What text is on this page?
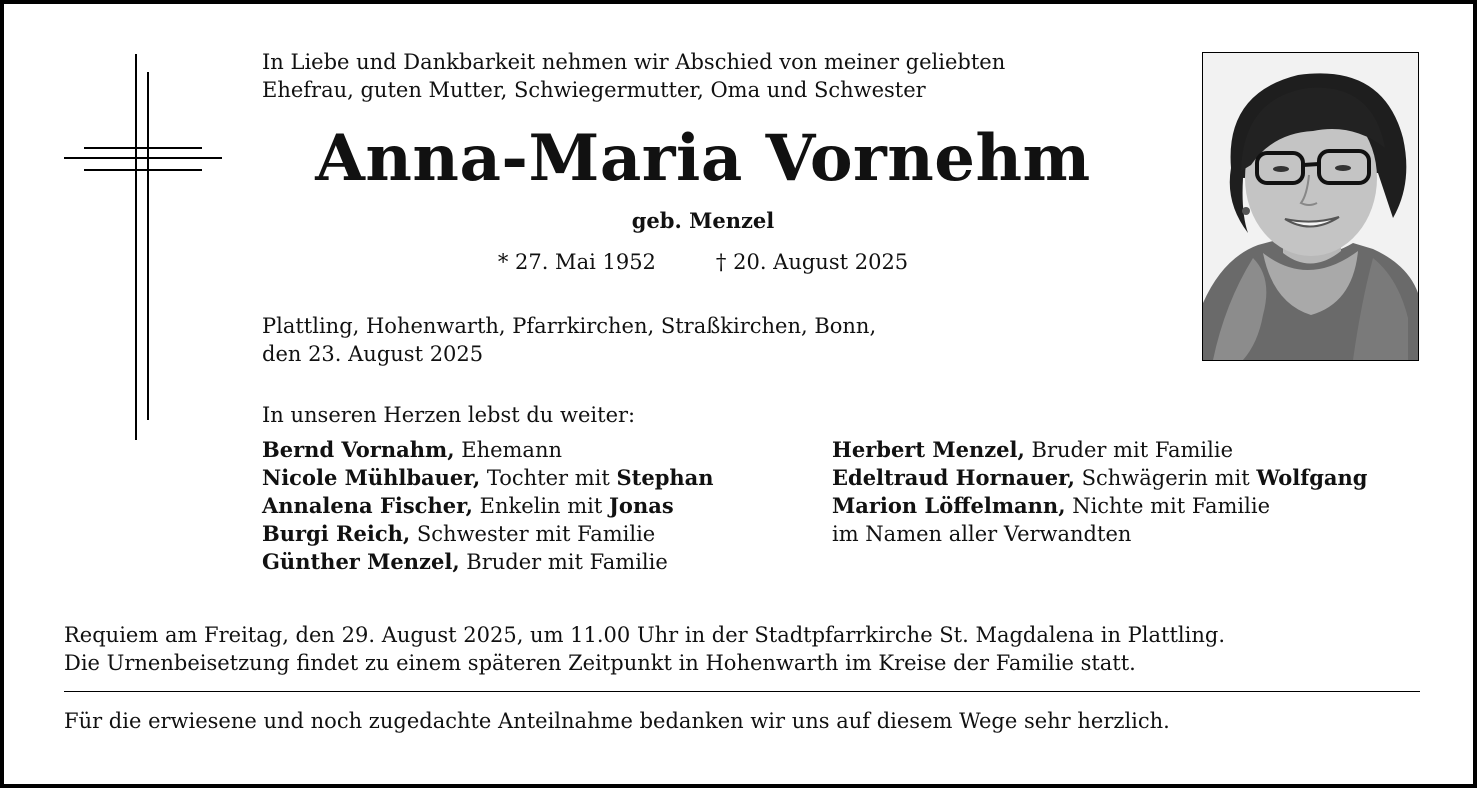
In Liebe und Dankbarkeit nehmen wir Abschied von meiner geliebten
Ehefrau, guten Mutter, Schwiegermutter, Oma und Schwester
Anna-Maria Vornehm
geb. Menzel
* 27. Mai 1952	† 20. August 2025
Plattling, Hohenwarth, Pfarrkirchen, Straßkirchen, Bonn,
den 23. August 2025
In unseren Herzen lebst du weiter:
Bernd Vornahm, Ehemann
Nicole Mühlbauer, Tochter mit Stephan
Annalena Fischer, Enkelin mit Jonas
Burgi Reich, Schwester mit Familie
Günther Menzel, Bruder mit Familie
Herbert Menzel, Bruder mit Familie
Edeltraud Hornauer, Schwägerin mit Wolfgang
Marion Löffelmann, Nichte mit Familie
im Namen aller Verwandten
Requiem am Freitag, den 29. August 2025, um 11.00 Uhr in der Stadtpfarrkirche St. Magdalena in Plattling.
Die Urnenbeisetzung findet zu einem späteren Zeitpunkt in Hohenwarth im Kreise der Familie statt.
Für die erwiesene und noch zugedachte Anteilnahme bedanken wir uns auf diesem Wege sehr herzlich.
